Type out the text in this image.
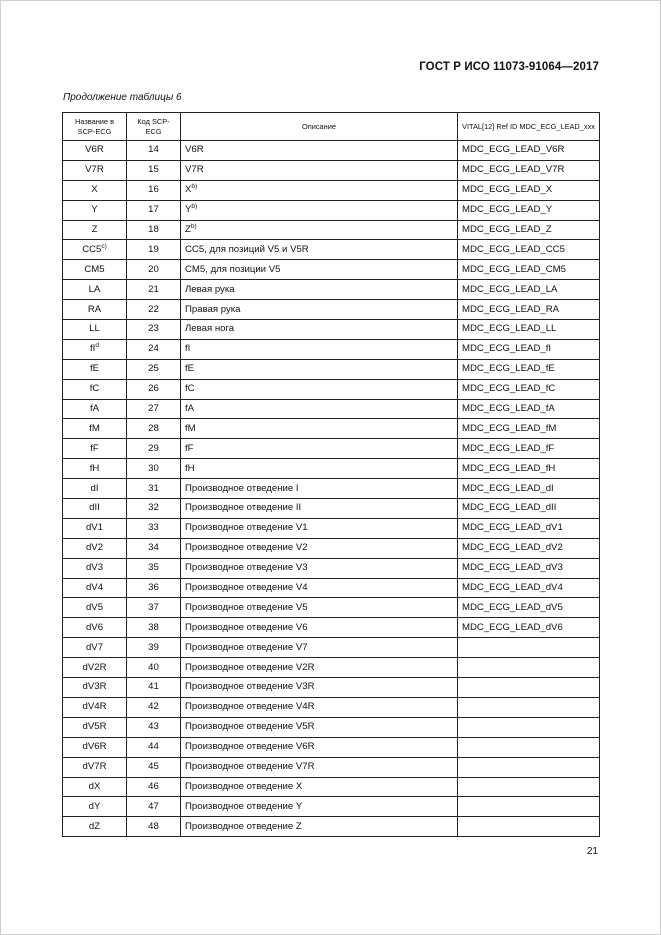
ГОСТ Р ИСО 11073-91064—2017
Продолжение таблицы 6
Название в SCP-ECG	Код SCP-ECG	Описание	VITAL[12] Ref ID MDC_ECG_LEAD_xxx
V6R	14	V6R	MDC_ECG_LEAD_V6R
V7R	15	V7R	MDC_ECG_LEAD_V7R
X	16	$X^{b)}$	MDC_ECG_LEAD_X
Y	17	$Y^{b)}$	MDC_ECG_LEAD_Y
Z	18	$Z^{b)}$	MDC_ECG_LEAD_Z
CC5$^{c)}$	19	CC5, для позиций V5 и V5R	MDC_ECG_LEAD_CC5
CM5	20	CM5, для позиции V5	MDC_ECG_LEAD_CM5
LA	21	Левая рука	MDC_ECG_LEAD_LA
RA	22	Правая рука	MDC_ECG_LEAD_RA
LL	23	Левая нога	MDC_ECG_LEAD_LL
$fI^d$	24	fI	MDC_ECG_LEAD_fI
fE	25	fE	MDC_ECG_LEAD_fE
fC	26	fC	MDC_ECG_LEAD_fC
fA	27	fA	MDC_ECG_LEAD_fA
fM	28	fM	MDC_ECG_LEAD_fM
fF	29	fF	MDC_ECG_LEAD_fF
fH	30	fH	MDC_ECG_LEAD_fH
dI	31	Производное отведение I	MDC_ECG_LEAD_dI
dII	32	Производное отведение II	MDC_ECG_LEAD_dII
dV1	33	Производное отведение V1	MDC_ECG_LEAD_dV1
dV2	34	Производное отведение V2	MDC_ECG_LEAD_dV2
dV3	35	Производное отведение V3	MDC_ECG_LEAD_dV3
dV4	36	Производное отведение V4	MDC_ECG_LEAD_dV4
dV5	37	Производное отведение V5	MDC_ECG_LEAD_dV5
dV6	38	Производное отведение V6	MDC_ECG_LEAD_dV6
dV7	39	Производное отведение V7	
dV2R	40	Производное отведение V2R	
dV3R	41	Производное отведение V3R	
dV4R	42	Производное отведение V4R	
dV5R	43	Производное отведение V5R	
dV6R	44	Производное отведение V6R	
dV7R	45	Производное отведение V7R	
dX	46	Производное отведение X	
dY	47	Производное отведение Y	
dZ	48	Производное отведение Z	
21
